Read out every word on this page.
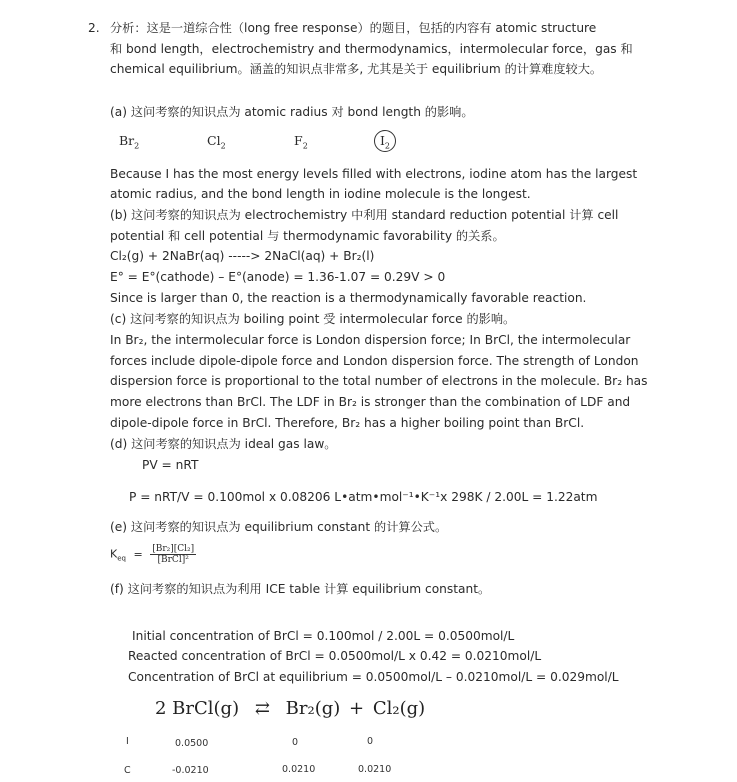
2. 分析：这是一道综合性（long free response）的题目，包括的内容有 atomic structure
和 bond length，electrochemistry and thermodynamics，intermolecular force，gas 和
chemical equilibrium。涵盖的知识点非常多, 尤其是关于 equilibrium 的计算难度较大。
(a) 这问考察的知识点为 atomic radius 对 bond length 的影响。
$Br_2$	$Cl_2$	$F_2$	$I_2$
Because I has the most energy levels filled with electrons, iodine atom has the largest
atomic radius, and the bond length in iodine molecule is the longest.
(b) 这问考察的知识点为 electrochemistry 中利用 standard reduction potential 计算 cell
potential 和 cell potential 与 thermodynamic favorability 的关系。
Cl₂(g) + 2NaBr(aq) -----> 2NaCl(aq) + Br₂(l)
E° = E°(cathode) – E°(anode) = 1.36-1.07 = 0.29V > 0
Since is larger than 0, the reaction is a thermodynamically favorable reaction.
(c) 这问考察的知识点为 boiling point 受 intermolecular force 的影响。
In Br₂, the intermolecular force is London dispersion force; In BrCl, the intermolecular
forces include dipole-dipole force and London dispersion force. The strength of London
dispersion force is proportional to the total number of electrons in the molecule. Br₂ has
more electrons than BrCl. The LDF in Br₂ is stronger than the combination of LDF and
dipole-dipole force in BrCl. Therefore, Br₂ has a higher boiling point than BrCl.
(d) 这问考察的知识点为 ideal gas law。
PV = nRT
P = nRT/V = 0.100mol x 0.08206 L•atm•mol⁻¹•K⁻¹x 298K / 2.00L = 1.22atm
(e) 这问考察的知识点为 equilibrium constant 的计算公式。
$K_{eq} = \frac{\text{[Br₂][Cl₂]}}{\text{[BrCl]²}}$
(f) 这问考察的知识点为利用 ICE table 计算 equilibrium constant。
Initial concentration of BrCl = 0.100mol / 2.00L = 0.0500mol/L
Reacted concentration of BrCl = 0.0500mol/L x 0.42 = 0.0210mol/L
Concentration of BrCl at equilibrium = 0.0500mol/L – 0.0210mol/L = 0.029mol/L
2 BrCl(g) ⇄ Br₂(g) + Cl₂(g)
I	0.0500	0	0
C	-0.0210	0.0210	0.0210
